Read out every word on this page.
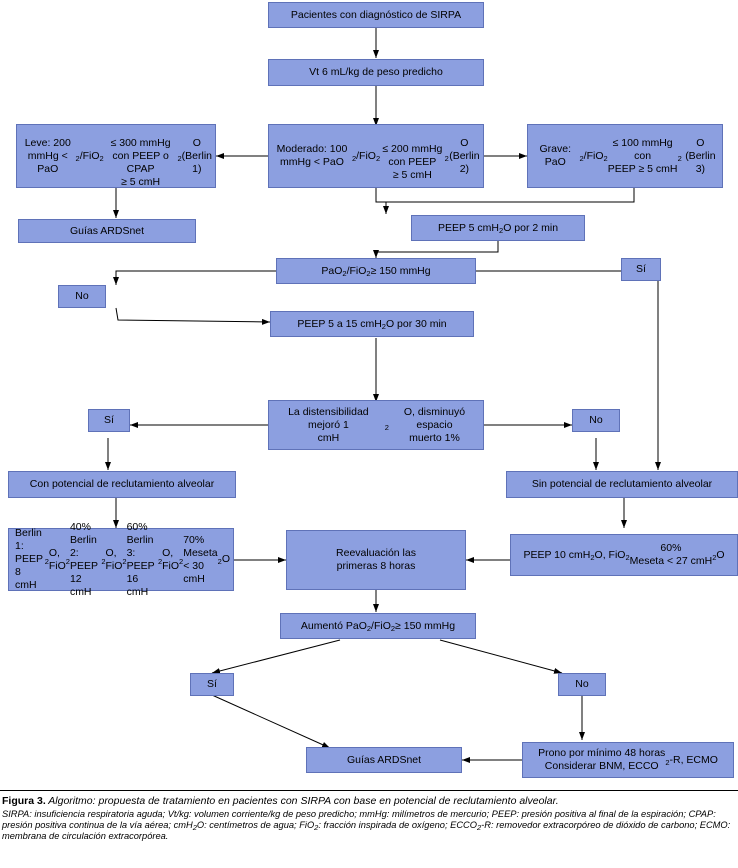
Pacientes con diagnóstico de SIRPA
Vt 6 mL/kg de peso predicho
Leve: 200 mmHg < PaO
$_2$ /FiO$_2$

≤ 300 mmHg con PEEP o CPAP
≥ 5 cmH
$_2$
O (Berlin 1)
Moderado: 100 mmHg < PaO $_2$ /FiO$_2$

≤ 200 mmHg con PEEP
≥ 5 cmH
$_2$
O (Berlin 2)
Grave: PaO $_2$ /FiO$_2$
≤ 100 mmHg con
PEEP ≥ 5 cmH
$_2$
O
(Berlin 3)
Guías ARDSnet	PEEP 5 cmH$_2$ O por 2 min
PaO$_2$ /FiO$_2$ ≥ 150 mmHg	Sí
No
PEEP 5 a 15 cmH$_2$ O por 30 min
La distensibilidad mejoró 1
cmH
$_2$
O, disminuyó espacio
muerto 1%
Sí	No
Con potencial de reclutamiento alveolar	Sin potencial de reclutamiento alveolar
Berlin 1: PEEP 8 cmH
$_2$
O, FiO$_2$
40%
Berlin 2: PEEP 12 cmH
$_2$
O, FiO$_2$
60%
Berlin 3: PEEP 16 cmH
$_2$
O, FiO$_2$
70%
Meseta < 30 cmH
$_2$ O	Reevaluación las
primeras 8 horas
PEEP 10 cmH$_2$ O, FiO$_2$
60%
Meseta < 27 cmH$_2$ O
Aumentó PaO$_2$ /FiO$_2$ ≥ 150 mmHg
Sí	No
Guías ARDSnet
Prono por mínimo 48 horas
Considerar BNM, ECCO $_2$ -R, ECMO
Figura 3. Algoritmo: propuesta de tratamiento en pacientes con SIRPA con base en potencial de reclutamiento alveolar.
SIRPA: insuficiencia respiratoria aguda; Vt/kg: volumen corriente/kg de peso predicho; mmHg: milímetros de mercurio; PEEP: presión positiva al final de la espiración; CPAP: presión positiva continua de la vía aérea; cmH$_2$O: centímetros de agua; FiO$_2$: fracción inspirada de oxígeno; $ECCO_2-R$: removedor extracorpóreo de dióxido de carbono; ECMO: membrana de circulación extracorpórea.
